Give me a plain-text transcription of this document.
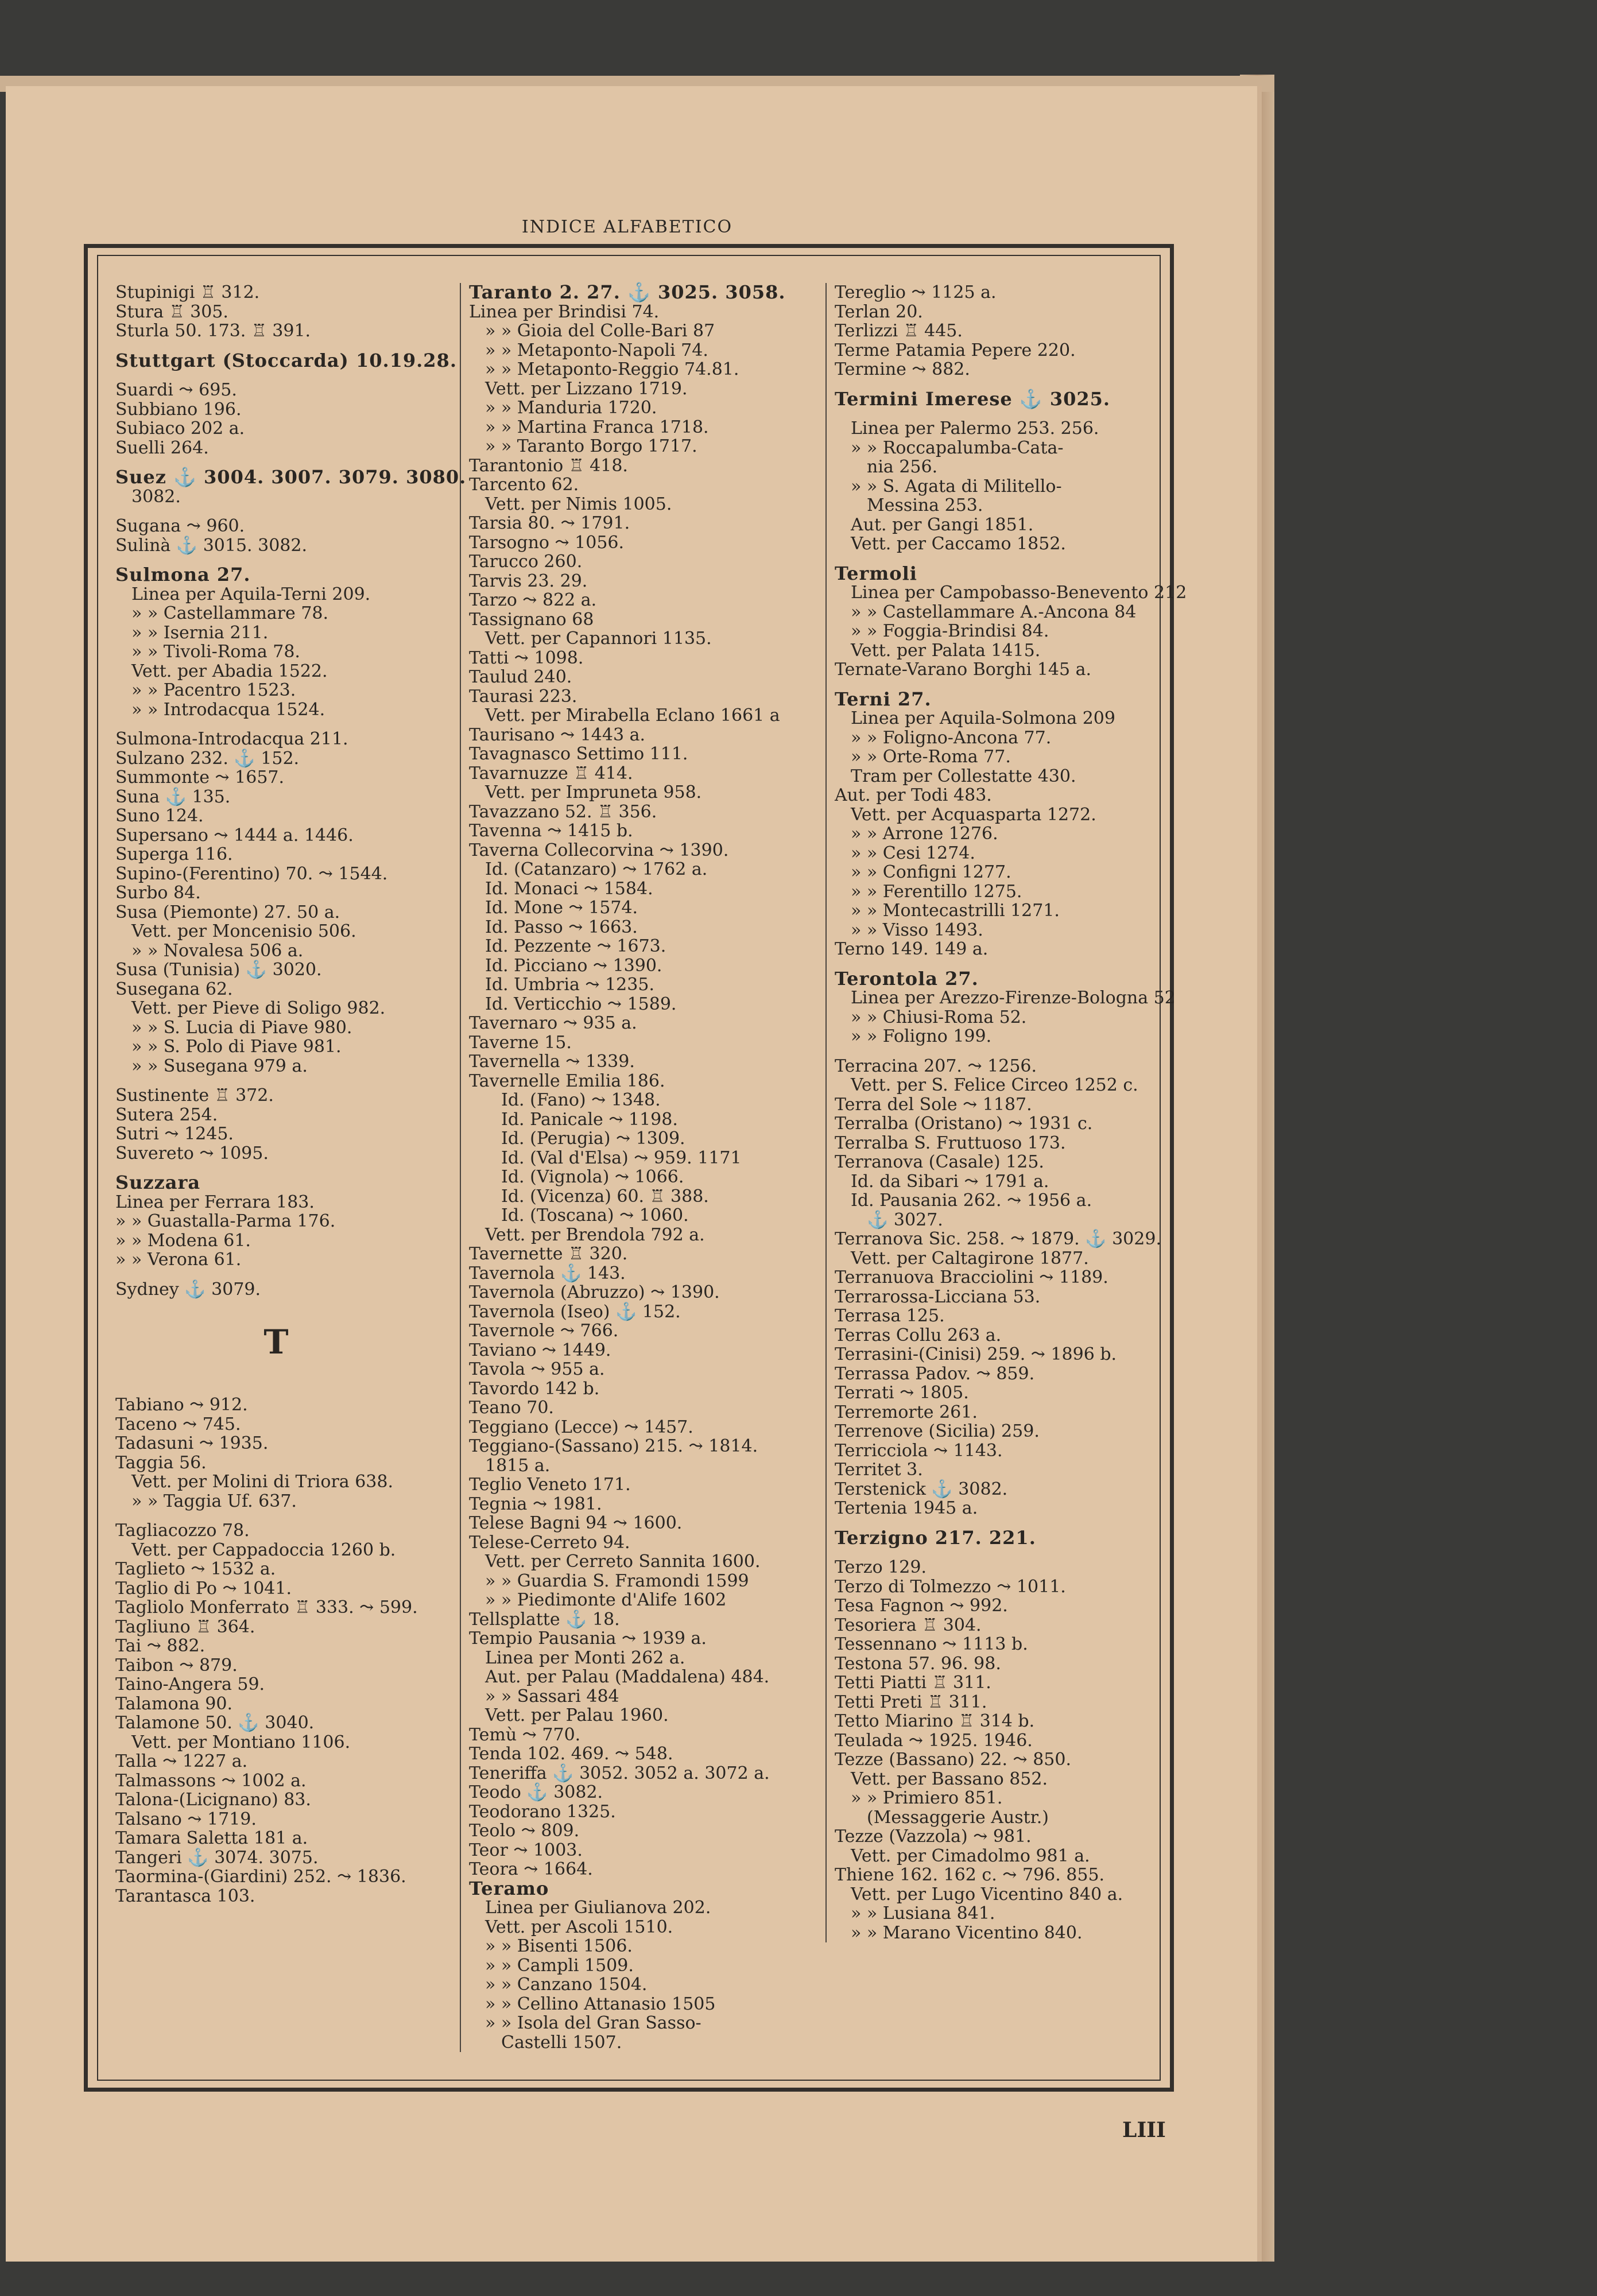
INDICE ALFABETICO
Stupinigi ♖ 312.
Stura ♖ 305.
Sturla 50. 173. ♖ 391.
Stuttgart (Stoccarda) 10.19.28.
Suardi ⤳ 695.
Subbiano 196.
Subiaco 202 a.
Suelli 264.
Suez ⚓ 3004. 3007. 3079. 3080.
3082.
Sugana ⤳ 960.
Sulinà ⚓ 3015. 3082.
Sulmona 27.
Linea per Aquila-Terni 209.
» » Castellammare 78.
» » Isernia 211.
» » Tivoli-Roma 78.
Vett. per Abadia 1522.
» » Pacentro 1523.
» » Introdacqua 1524.
Sulmona-Introdacqua 211.
Sulzano 232. ⚓ 152.
Summonte ⤳ 1657.
Suna ⚓ 135.
Suno 124.
Supersano ⤳ 1444 a. 1446.
Superga 116.
Supino-(Ferentino) 70. ⤳ 1544.
Surbo 84.
Susa (Piemonte) 27. 50 a.
Vett. per Moncenisio 506.
» » Novalesa 506 a.
Susa (Tunisia) ⚓ 3020.
Susegana 62.
Vett. per Pieve di Soligo 982.
» » S. Lucia di Piave 980.
» » S. Polo di Piave 981.
» » Susegana 979 a.
Sustinente ♖ 372.
Sutera 254.
Sutri ⤳ 1245.
Suvereto ⤳ 1095.
Suzzara
Linea per Ferrara 183.
» » Guastalla-Parma 176.
» » Modena 61.
» » Verona 61.
Sydney ⚓ 3079.
T
Tabiano ⤳ 912.
Taceno ⤳ 745.
Tadasuni ⤳ 1935.
Taggia 56.
Vett. per Molini di Triora 638.
» » Taggia Uf. 637.
Tagliacozzo 78.
Vett. per Cappadoccia 1260 b.
Taglieto ⤳ 1532 a.
Taglio di Po ⤳ 1041.
Tagliolo Monferrato ♖ 333. ⤳ 599.
Tagliuno ♖ 364.
Tai ⤳ 882.
Taibon ⤳ 879.
Taino-Angera 59.
Talamona 90.
Talamone 50. ⚓ 3040.
Vett. per Montiano 1106.
Talla ⤳ 1227 a.
Talmassons ⤳ 1002 a.
Talona-(Licignano) 83.
Talsano ⤳ 1719.
Tamara Saletta 181 a.
Tangeri ⚓ 3074. 3075.
Taormina-(Giardini) 252. ⤳ 1836.
Tarantasca 103.
Taranto 2. 27. ⚓ 3025. 3058.
Linea per Brindisi 74.
» » Gioia del Colle-Bari 87
» » Metaponto-Napoli 74.
» » Metaponto-Reggio 74.81.
Vett. per Lizzano 1719.
» » Manduria 1720.
» » Martina Franca 1718.
» » Taranto Borgo 1717.
Tarantonio ♖ 418.
Tarcento 62.
Vett. per Nimis 1005.
Tarsia 80. ⤳ 1791.
Tarsogno ⤳ 1056.
Tarucco 260.
Tarvis 23. 29.
Tarzo ⤳ 822 a.
Tassignano 68
Vett. per Capannori 1135.
Tatti ⤳ 1098.
Taulud 240.
Taurasi 223.
Vett. per Mirabella Eclano 1661 a
Taurisano ⤳ 1443 a.
Tavagnasco Settimo 111.
Tavarnuzze ♖ 414.
Vett. per Impruneta 958.
Tavazzano 52. ♖ 356.
Tavenna ⤳ 1415 b.
Taverna Collecorvina ⤳ 1390.
Id. (Catanzaro) ⤳ 1762 a.
Id. Monaci ⤳ 1584.
Id. Mone ⤳ 1574.
Id. Passo ⤳ 1663.
Id. Pezzente ⤳ 1673.
Id. Picciano ⤳ 1390.
Id. Umbria ⤳ 1235.
Id. Verticchio ⤳ 1589.
Tavernaro ⤳ 935 a.
Taverne 15.
Tavernella ⤳ 1339.
Tavernelle Emilia 186.
Id. (Fano) ⤳ 1348.
Id. Panicale ⤳ 1198.
Id. (Perugia) ⤳ 1309.
Id. (Val d'Elsa) ⤳ 959. 1171
Id. (Vignola) ⤳ 1066.
Id. (Vicenza) 60. ♖ 388.
Id. (Toscana) ⤳ 1060.
Vett. per Brendola 792 a.
Tavernette ♖ 320.
Tavernola ⚓ 143.
Tavernola (Abruzzo) ⤳ 1390.
Tavernola (Iseo) ⚓ 152.
Tavernole ⤳ 766.
Taviano ⤳ 1449.
Tavola ⤳ 955 a.
Tavordo 142 b.
Teano 70.
Teggiano (Lecce) ⤳ 1457.
Teggiano-(Sassano) 215. ⤳ 1814.
1815 a.
Teglio Veneto 171.
Tegnia ⤳ 1981.
Telese Bagni 94 ⤳ 1600.
Telese-Cerreto 94.
Vett. per Cerreto Sannita 1600.
» » Guardia S. Framondi 1599
» » Piedimonte d'Alife 1602
Tellsplatte ⚓ 18.
Tempio Pausania ⤳ 1939 a.
Linea per Monti 262 a.
Aut. per Palau (Maddalena) 484.
» » Sassari 484
Vett. per Palau 1960.
Temù ⤳ 770.
Tenda 102. 469. ⤳ 548.
Teneriffa ⚓ 3052. 3052 a. 3072 a.
Teodo ⚓ 3082.
Teodorano 1325.
Teolo ⤳ 809.
Teor ⤳ 1003.
Teora ⤳ 1664.
Teramo
Linea per Giulianova 202.
Vett. per Ascoli 1510.
» » Bisenti 1506.
» » Campli 1509.
» » Canzano 1504.
» » Cellino Attanasio 1505
» » Isola del Gran Sasso-
Castelli 1507.
Tereglio ⤳ 1125 a.
Terlan 20.
Terlizzi ♖ 445.
Terme Patamia Pepere 220.
Termine ⤳ 882.
Termini Imerese ⚓ 3025.
Linea per Palermo 253. 256.
» » Roccapalumba-Cata-
nia 256.
» » S. Agata di Militello-
Messina 253.
Aut. per Gangi 1851.
Vett. per Caccamo 1852.
Termoli
Linea per Campobasso-Benevento 212
» » Castellammare A.-Ancona 84
» » Foggia-Brindisi 84.
Vett. per Palata 1415.
Ternate-Varano Borghi 145 a.
Terni 27.
Linea per Aquila-Solmona 209
» » Foligno-Ancona 77.
» » Orte-Roma 77.
Tram per Collestatte 430.
Aut. per Todi 483.
Vett. per Acquasparta 1272.
» » Arrone 1276.
» » Cesi 1274.
» » Configni 1277.
» » Ferentillo 1275.
» » Montecastrilli 1271.
» » Visso 1493.
Terno 149. 149 a.
Terontola 27.
Linea per Arezzo-Firenze-Bologna 52
» » Chiusi-Roma 52.
» » Foligno 199.
Terracina 207. ⤳ 1256.
Vett. per S. Felice Circeo 1252 c.
Terra del Sole ⤳ 1187.
Terralba (Oristano) ⤳ 1931 c.
Terralba S. Fruttuoso 173.
Terranova (Casale) 125.
Id. da Sibari ⤳ 1791 a.
Id. Pausania 262. ⤳ 1956 a.
⚓ 3027.
Terranova Sic. 258. ⤳ 1879. ⚓ 3029.
Vett. per Caltagirone 1877.
Terranuova Bracciolini ⤳ 1189.
Terrarossa-Licciana 53.
Terrasa 125.
Terras Collu 263 a.
Terrasini-(Cinisi) 259. ⤳ 1896 b.
Terrassa Padov. ⤳ 859.
Terrati ⤳ 1805.
Terremorte 261.
Terrenove (Sicilia) 259.
Terricciola ⤳ 1143.
Territet 3.
Terstenick ⚓ 3082.
Tertenia 1945 a.
Terzigno 217. 221.
Terzo 129.
Terzo di Tolmezzo ⤳ 1011.
Tesa Fagnon ⤳ 992.
Tesoriera ♖ 304.
Tessennano ⤳ 1113 b.
Testona 57. 96. 98.
Tetti Piatti ♖ 311.
Tetti Preti ♖ 311.
Tetto Miarino ♖ 314 b.
Teulada ⤳ 1925. 1946.
Tezze (Bassano) 22. ⤳ 850.
Vett. per Bassano 852.
» » Primiero 851.
(Messaggerie Austr.)
Tezze (Vazzola) ⤳ 981.
Vett. per Cimadolmo 981 a.
Thiene 162. 162 c. ⤳ 796. 855.
Vett. per Lugo Vicentino 840 a.
» » Lusiana 841.
» » Marano Vicentino 840.
LIII
